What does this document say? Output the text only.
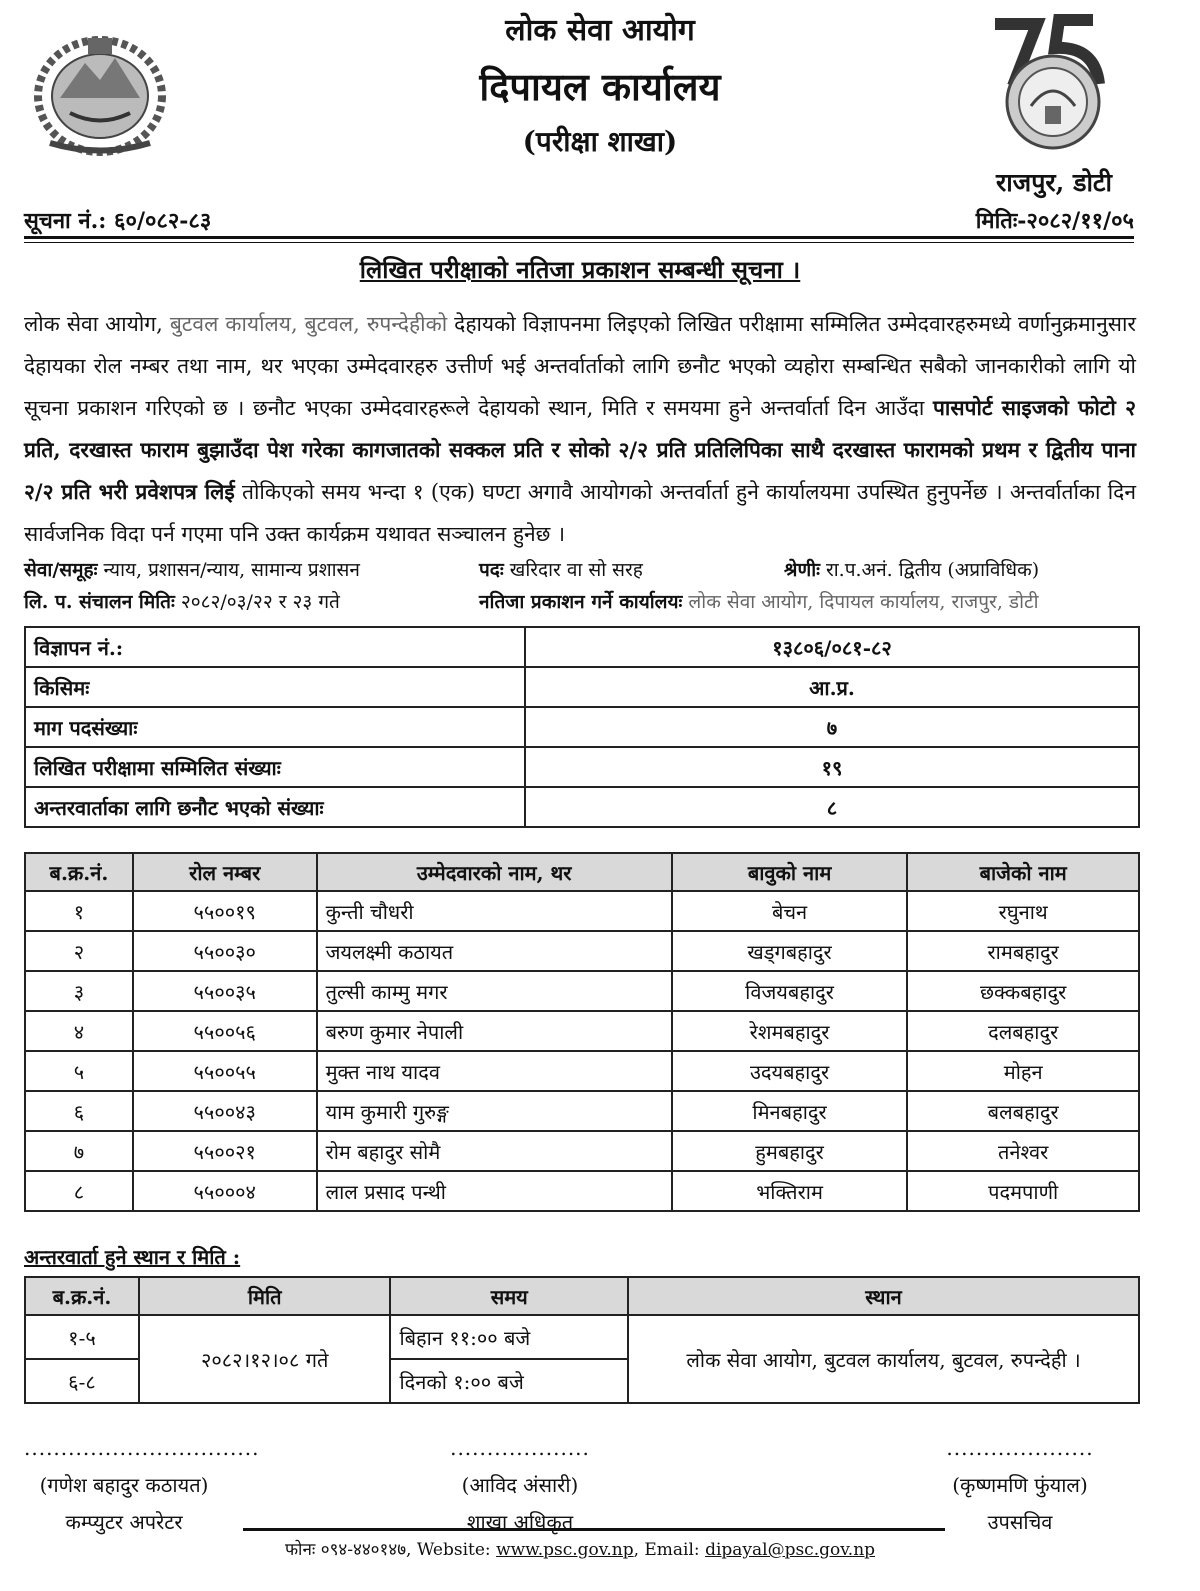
लोक सेवा आयोग
दिपायल कार्यालय
(परीक्षा शाखा)
राजपुर, डोटी
सूचना नं.: ६०/०८२-८३	मितिः-२०८२/११/०५
लिखित परीक्षाको नतिजा प्रकाशन सम्बन्धी सूचना ।
लोक सेवा आयोग, बुटवल कार्यालय, बुटवल, रुपन्देहीको देहायको विज्ञापनमा लिइएको लिखित परीक्षामा सम्मिलित उम्मेदवारहरुमध्ये वर्णानुक्रमानुसार देहायका रोल नम्बर तथा नाम, थर भएका उम्मेदवारहरु उत्तीर्ण भई अन्तर्वार्ताको लागि छनौट भएको व्यहोरा सम्बन्धित सबैको जानकारीको लागि यो सूचना प्रकाशन गरिएको छ । छनौट भएका उम्मेदवारहरूले देहायको स्थान, मिति र समयमा हुने अन्तर्वार्ता दिन आउँदा पासपोर्ट साइजको फोटो २ प्रति, दरखास्त फाराम बुझाउँदा पेश गरेका कागजातको सक्कल प्रति र सोको २/२ प्रति प्रतिलिपिका साथै दरखास्त फारामको प्रथम र द्वितीय पाना २/२ प्रति भरी प्रवेशपत्र लिई तोकिएको समय भन्दा १ (एक) घण्टा अगावै आयोगको अन्तर्वार्ता हुने कार्यालयमा उपस्थित हुनुपर्नेछ । अन्तर्वार्ताका दिन सार्वजनिक विदा पर्न गएमा पनि उक्त कार्यक्रम यथावत सञ्चालन हुनेछ ।
सेवा/समूहः न्याय, प्रशासन/न्याय, सामान्य प्रशासन	पदः खरिदार वा सो सरह	श्रेणीः रा.प.अनं. द्वितीय (अप्राविधिक)
लि. प. संचालन मितिः २०८२/०३/२२ र २३ गते	नतिजा प्रकाशन गर्ने कार्यालयः लोक सेवा आयोग, दिपायल कार्यालय, राजपुर, डोटी
विज्ञापन नं.:	१३८०६/०८१-८२
किसिमः	आ.प्र.
माग पदसंख्याः	७
लिखित परीक्षामा सम्मिलित संख्याः	१९
अन्तरवार्ताका लागि छनौट भएको संख्याः	८
ब.क्र.नं.	रोल नम्बर	उम्मेदवारको नाम, थर	बावुको नाम	बाजेको नाम
१	५५००१९	कुन्ती चौधरी	बेचन	रघुनाथ
२	५५००३०	जयलक्ष्मी कठायत	खड्गबहादुर	रामबहादुर
३	५५००३५	तुल्सी काम्मु मगर	विजयबहादुर	छक्कबहादुर
४	५५००५६	बरुण कुमार नेपाली	रेशमबहादुर	दलबहादुर
५	५५००५५	मुक्त नाथ यादव	उदयबहादुर	मोहन
६	५५००४३	याम कुमारी गुरुङ्ग	मिनबहादुर	बलबहादुर
७	५५००२१	रोम बहादुर सोमै	हुमबहादुर	तनेश्वर
८	५५०००४	लाल प्रसाद पन्थी	भक्तिराम	पदमपाणी
अन्तरवार्ता हुने स्थान र मिति :
ब.क्र.नं.	मिति	समय	स्थान
१-५	२०८२।१२।०८ गते	बिहान ११:०० बजे	लोक सेवा आयोग, बुटवल कार्यालय, बुटवल, रुपन्देही ।
६-८		दिनको १:०० बजे	
................................
(गणेश बहादुर कठायत)
कम्प्युटर अपरेटर
...................
(आविद अंसारी)
शाखा अधिकृत
....................
(कृष्णमणि फुंयाल)
उपसचिव
फोनः ०९४-४४०१४७, Website: www.psc.gov.np, Email: dipayal@psc.gov.np
